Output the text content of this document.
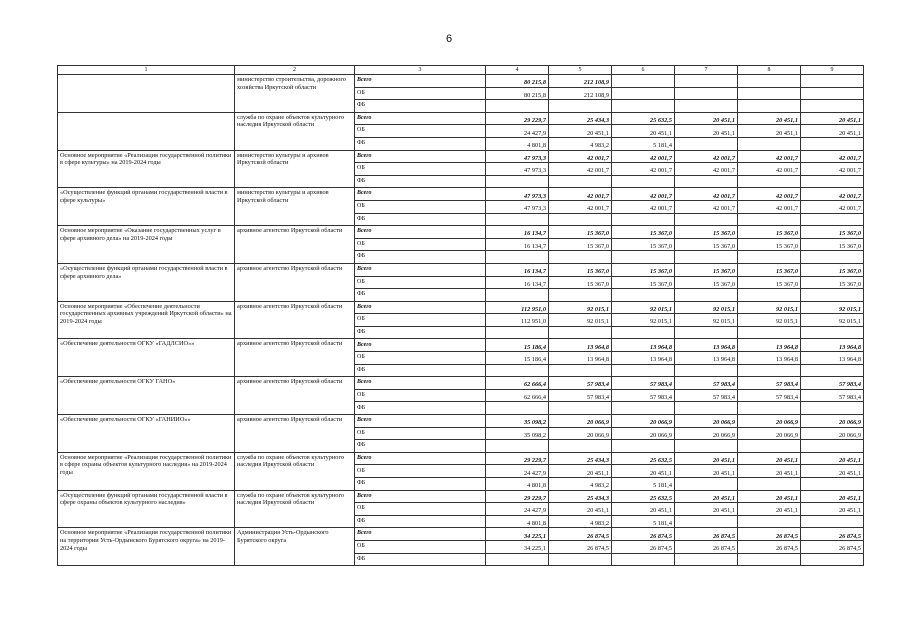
6
1	2	3	4	5	6	7	8	9
	министерство строительства, дорожного хозяйства Иркутской области	Всего	80 215,8	212 108,9				
		ОБ	80 215,8	212 108,9				
		ФБ						
	служба по охране объектов культурного наследия Иркутской области	Всего	29 229,7	25 434,3	25 632,5	20 451,1	20 451,1	20 451,1
		ОБ	24 427,9	20 451,1	20 451,1	20 451,1	20 451,1	20 451,1
		ФБ	4 801,8	4 983,2	5 181,4			
Основное мероприятие «Реализация государственной политики в сфере культуры» на 2019-2024 годы	министерство культуры и архивов Иркутской области	Всего	47 973,3	42 001,7	42 001,7	42 001,7	42 001,7	42 001,7
		ОБ	47 973,3	42 001,7	42 001,7	42 001,7	42 001,7	42 001,7
		ФБ						
«Осуществление функций органами государственной власти в сфере культуры»	министерство культуры и архивов Иркутской области	Всего	47 973,3	42 001,7	42 001,7	42 001,7	42 001,7	42 001,7
		ОБ	47 973,3	42 001,7	42 001,7	42 001,7	42 001,7	42 001,7
		ФБ						
Основное мероприятие «Оказание государственных услуг в сфере архивного дела» на 2019-2024 годы	архивное агентство Иркутской области	Всего	16 134,7	15 367,0	15 367,0	15 367,0	15 367,0	15 367,0
		ОБ	16 134,7	15 367,0	15 367,0	15 367,0	15 367,0	15 367,0
		ФБ						
«Осуществление функций органами государственной власти в сфере архивного дела»	архивное агентство Иркутской области	Всего	16 134,7	15 367,0	15 367,0	15 367,0	15 367,0	15 367,0
		ОБ	16 134,7	15 367,0	15 367,0	15 367,0	15 367,0	15 367,0
		ФБ						
Основное мероприятие «Обеспечение деятельности государственных архивных учреждений Иркутской области» на 2019-2024 годы	архивное агентство Иркутской области	Всего	112 951,0	92 015,1	92 015,1	92 015,1	92 015,1	92 015,1
		ОБ	112 951,0	92 015,1	92 015,1	92 015,1	92 015,1	92 015,1
		ФБ						
«Обеспечение деятельности ОГКУ «ГАДЛСИО»»	архивное агентство Иркутской области	Всего	15 186,4	13 964,8	13 964,8	13 964,8	13 964,8	13 964,8
		ОБ	15 186,4	13 964,8	13 964,8	13 964,8	13 964,8	13 964,8
		ФБ						
«Обеспечение деятельности ОГКУ ГАНО»	архивное агентство Иркутской области	Всего	62 666,4	57 983,4	57 983,4	57 983,4	57 983,4	57 983,4
		ОБ	62 666,4	57 983,4	57 983,4	57 983,4	57 983,4	57 983,4
		ФБ						
«Обеспечение деятельности ОГКУ «ГАНИИО»»	архивное агентство Иркутской области	Всего	35 098,2	20 066,9	20 066,9	20 066,9	20 066,9	20 066,9
		ОБ	35 098,2	20 066,9	20 066,9	20 066,9	20 066,9	20 066,9
		ФБ						
Основное мероприятие «Реализация государственной политики в сфере охраны объектов культурного наследия» на 2019-2024 годы	служба по охране объектов культурного наследия Иркутской области	Всего	29 229,7	25 434,3	25 632,5	20 451,1	20 451,1	20 451,1
		ОБ	24 427,9	20 451,1	20 451,1	20 451,1	20 451,1	20 451,1
		ФБ	4 801,8	4 983,2	5 181,4			
«Осуществление функций органами государственной власти в сфере охраны объектов культурного наследия»	служба по охране объектов культурного наследия Иркутской области	Всего	29 229,7	25 434,3	25 632,5	20 451,1	20 451,1	20 451,1
		ОБ	24 427,9	20 451,1	20 451,1	20 451,1	20 451,1	20 451,1
		ФБ	4 801,8	4 983,2	5 181,4			
Основное мероприятие «Реализация государственной политики на территории Усть-Ордынского Бурятского округа» на 2019-2024 годы	Администрация Усть-Ордынского Бурятского округа	Всего	34 225,1	26 874,5	26 874,5	26 874,5	26 874,5	26 874,5
		ОБ	34 225,1	26 874,5	26 874,5	26 874,5	26 874,5	26 874,5
		ФБ						
